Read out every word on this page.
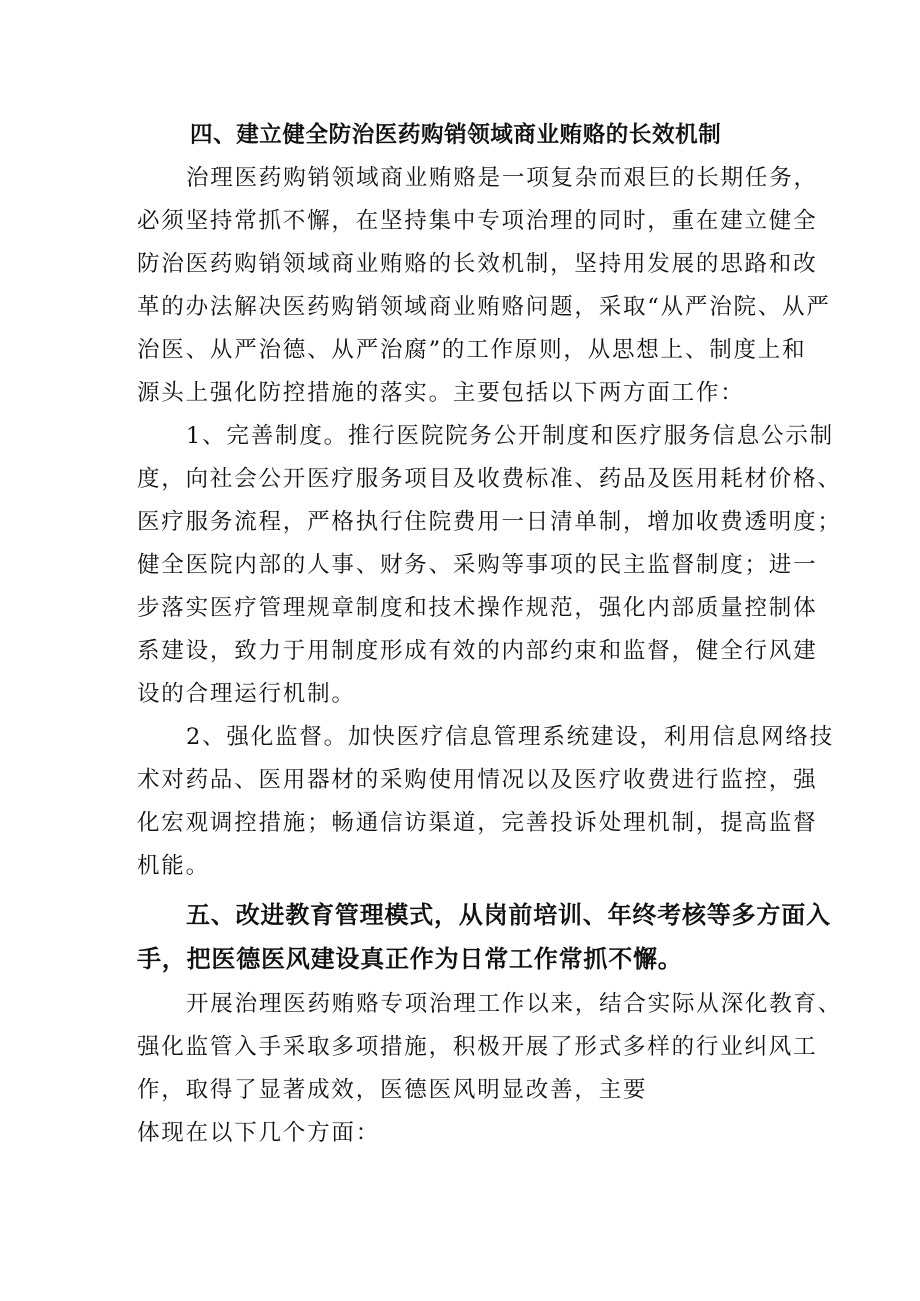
四、建立健全防治医药购销领域商业贿赂的长效机制
治理医药购销领域商业贿赂是一项复杂而艰巨的长期任务，
必须坚持常抓不懈，在坚持集中专项治理的同时，重在建立健全
防治医药购销领域商业贿赂的长效机制，坚持用发展的思路和改
革的办法解决医药购销领域商业贿赂问题，采取“从严治院、从严
治医、从严治德、从严治腐”的工作原则，从思想上、制度上和
源头上强化防控措施的落实。主要包括以下两方面工作：
1、完善制度。推行医院院务公开制度和医疗服务信息公示制
度，向社会公开医疗服务项目及收费标准、药品及医用耗材价格、
医疗服务流程，严格执行住院费用一日清单制，增加收费透明度；
健全医院内部的人事、财务、采购等事项的民主监督制度；进一
步落实医疗管理规章制度和技术操作规范，强化内部质量控制体
系建设，致力于用制度形成有效的内部约束和监督，健全行风建
设的合理运行机制。
2、强化监督。加快医疗信息管理系统建设，利用信息网络技
术对药品、医用器材的采购使用情况以及医疗收费进行监控，强
化宏观调控措施；畅通信访渠道，完善投诉处理机制，提高监督
机能。
五、改进教育管理模式，从岗前培训、年终考核等多方面入
手，把医德医风建设真正作为日常工作常抓不懈。
开展治理医药贿赂专项治理工作以来，结合实际从深化教育、
强化监管入手采取多项措施，积极开展了形式多样的行业纠风工
作，取得了显著成效，医德医风明显改善，主要
体现在以下几个方面：
